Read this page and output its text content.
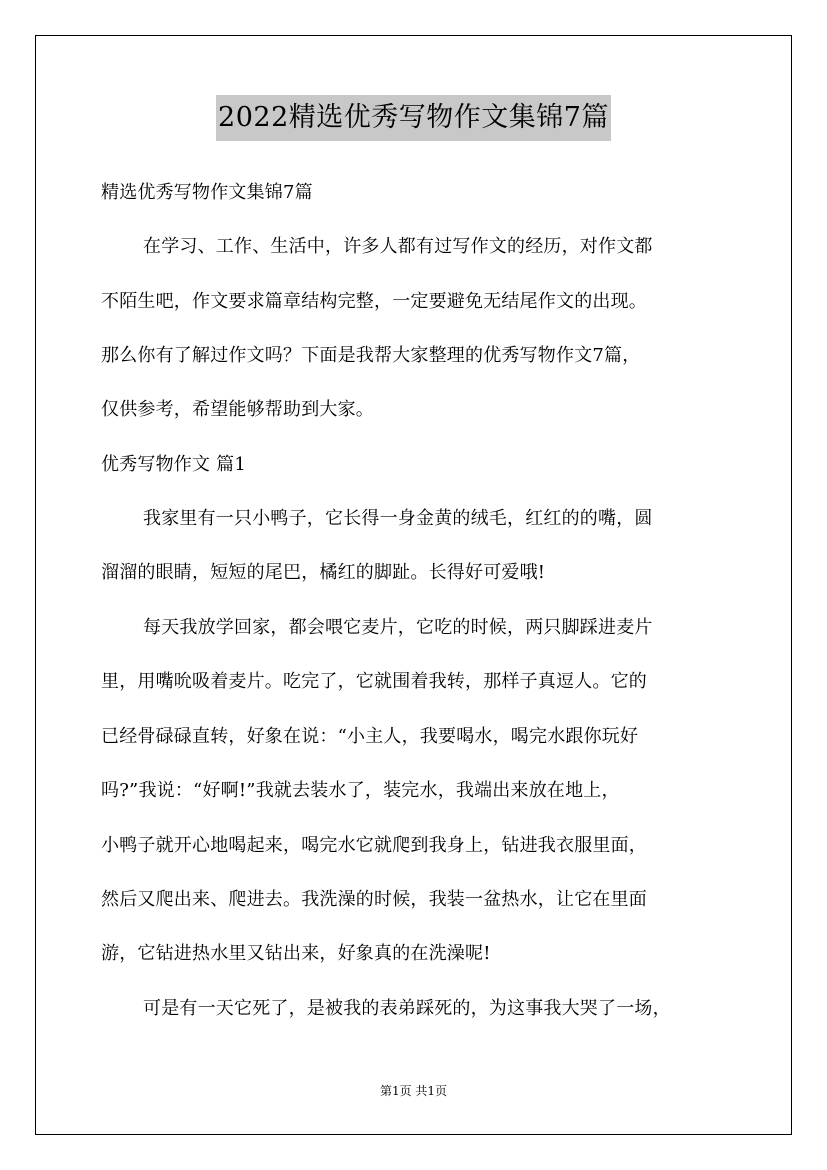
2022精选优秀写物作文集锦7篇
精选优秀写物作文集锦7篇
在学习、工作、生活中，许多人都有过写作文的经历，对作文都
不陌生吧，作文要求篇章结构完整，一定要避免无结尾作文的出现。
那么你有了解过作文吗？下面是我帮大家整理的优秀写物作文7篇，
仅供参考，希望能够帮助到大家。
优秀写物作文 篇1
我家里有一只小鸭子，它长得一身金黄的绒毛，红红的的嘴，圆
溜溜的眼睛，短短的尾巴，橘红的脚趾。长得好可爱哦!
每天我放学回家，都会喂它麦片，它吃的时候，两只脚踩进麦片
里，用嘴吮吸着麦片。吃完了，它就围着我转，那样子真逗人。它的
已经骨碌碌直转，好象在说：“小主人，我要喝水，喝完水跟你玩好
吗?”我说：“好啊!”我就去装水了，装完水，我端出来放在地上，
小鸭子就开心地喝起来，喝完水它就爬到我身上，钻进我衣服里面，
然后又爬出来、爬进去。我洗澡的时候，我装一盆热水，让它在里面
游，它钻进热水里又钻出来，好象真的在洗澡呢!
可是有一天它死了，是被我的表弟踩死的，为这事我大哭了一场，
第1页 共1页
